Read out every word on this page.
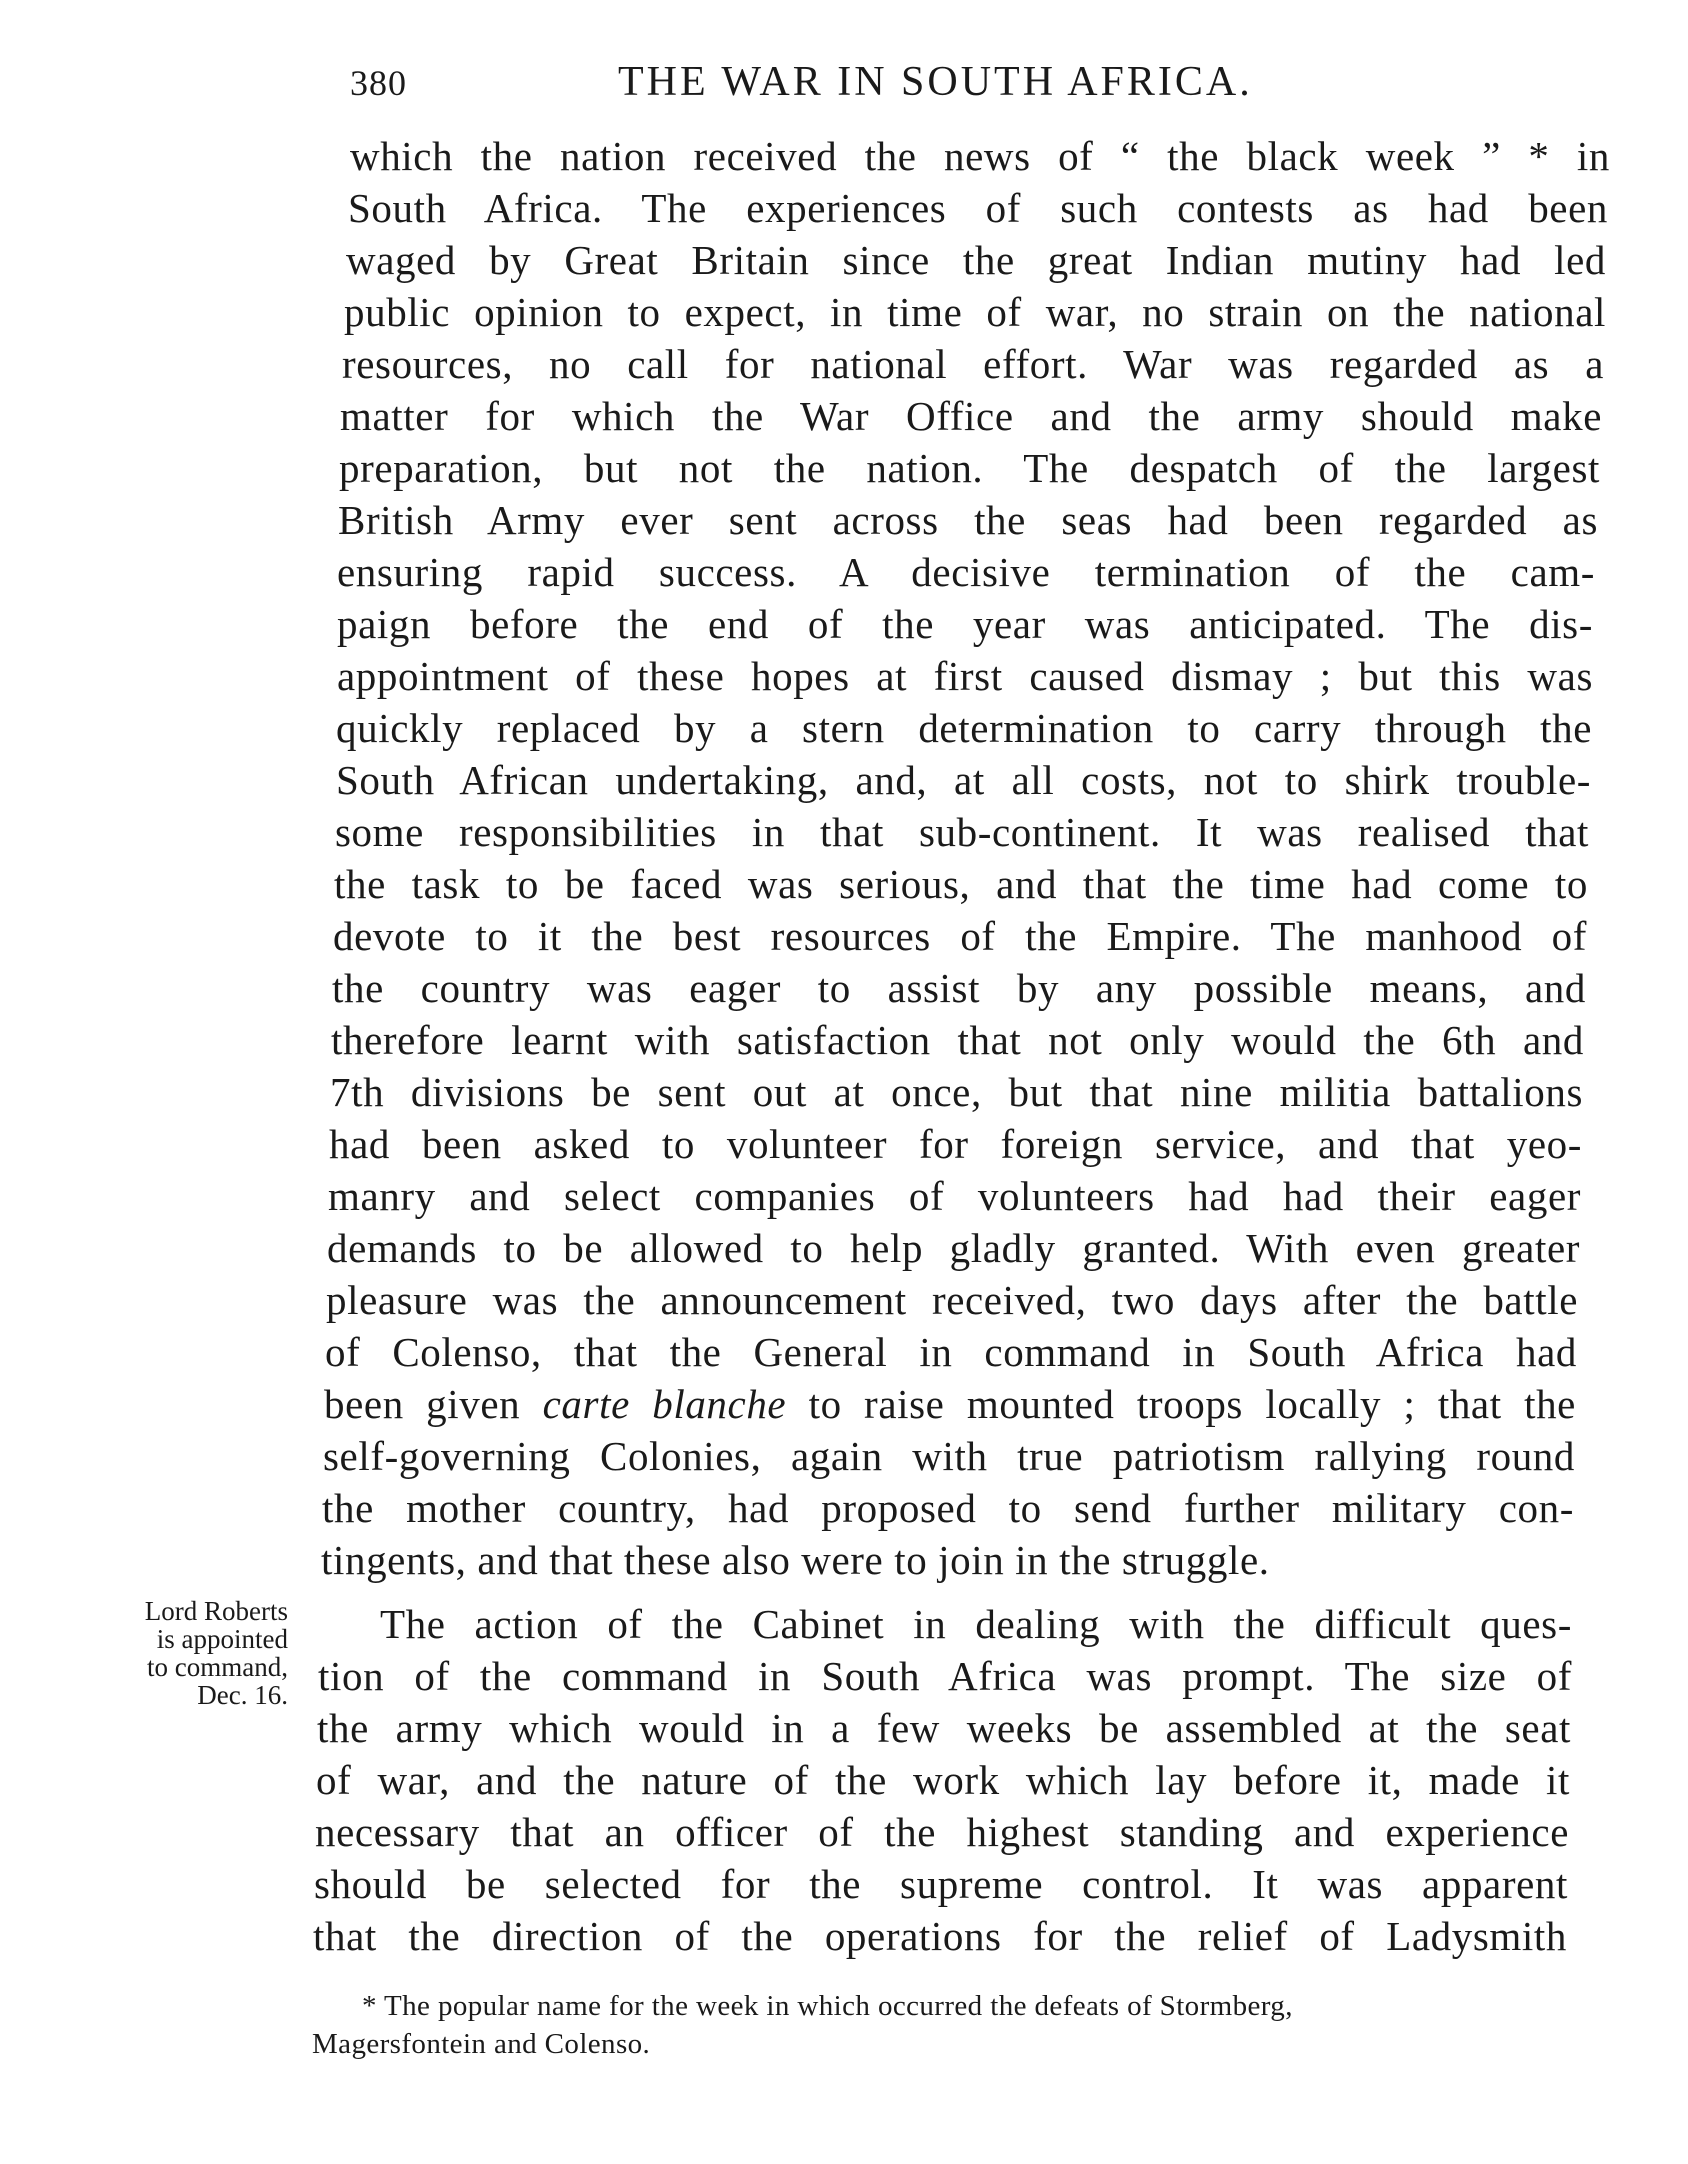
380	THE WAR IN SOUTH AFRICA.
which the nation received the news of “ the black week ” * in
South Africa. The experiences of such contests as had been
waged by Great Britain since the great Indian mutiny had led
public opinion to expect, in time of war, no strain on the national
resources, no call for national effort. War was regarded as a
matter for which the War Office and the army should make
preparation, but not the nation. The despatch of the largest
British Army ever sent across the seas had been regarded as
ensuring rapid success. A decisive termination of the cam-
paign before the end of the year was anticipated. The dis-
appointment of these hopes at first caused dismay ; but this was
quickly replaced by a stern determination to carry through the
South African undertaking, and, at all costs, not to shirk trouble-
some responsibilities in that sub-continent. It was realised that
the task to be faced was serious, and that the time had come to
devote to it the best resources of the Empire. The manhood of
the country was eager to assist by any possible means, and
therefore learnt with satisfaction that not only would the 6th and
7th divisions be sent out at once, but that nine militia battalions
had been asked to volunteer for foreign service, and that yeo-
manry and select companies of volunteers had had their eager
demands to be allowed to help gladly granted. With even greater
pleasure was the announcement received, two days after the battle
of Colenso, that the General in command in South Africa had
been given carte blanche to raise mounted troops locally ; that the
self-governing Colonies, again with true patriotism rallying round
the mother country, had proposed to send further military con-
tingents, and that these also were to join in the struggle.
The action of the Cabinet in dealing with the difficult ques-
tion of the command in South Africa was prompt. The size of
the army which would in a few weeks be assembled at the seat
of war, and the nature of the work which lay before it, made it
necessary that an officer of the highest standing and experience
should be selected for the supreme control. It was apparent
that the direction of the operations for the relief of Ladysmith
Lord Roberts
is appointed
to command,
Dec. 16.
* The popular name for the week in which occurred the defeats of Stormberg,
Magersfontein and Colenso.
